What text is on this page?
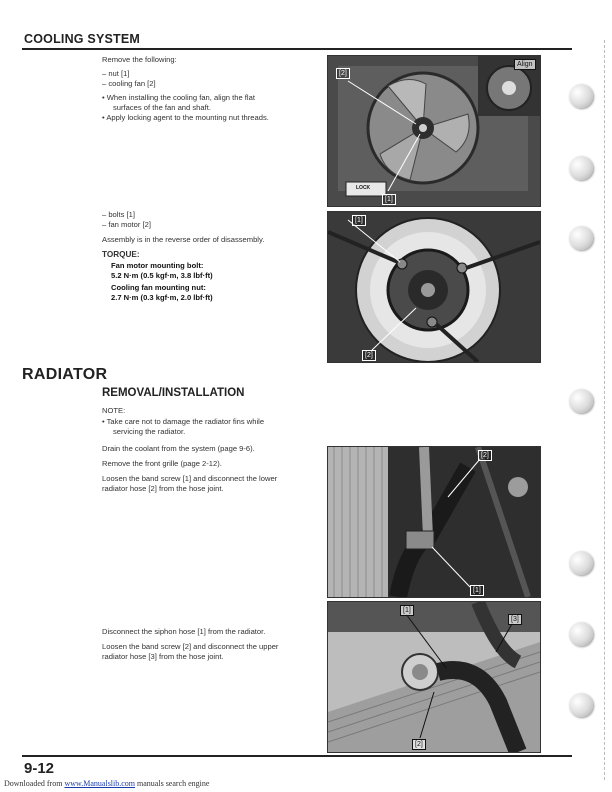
COOLING SYSTEM
Remove the following:
– nut [1]
– cooling fan [2]
• When installing the cooling fan, align the flat
surfaces of the fan and shaft.
• Apply locking agent to the mounting nut threads.
– bolts [1]
– fan motor [2]
Assembly is in the reverse order of disassembly.
TORQUE:
Fan motor mounting bolt:
5.2 N·m (0.5 kgf·m, 3.8 lbf·ft)
Cooling fan mounting nut:
2.7 N·m (0.3 kgf·m, 2.0 lbf·ft)
[2]
[1]
Align
LOCK
[1]
[2]
RADIATOR
REMOVAL/INSTALLATION
NOTE:
• Take care not to damage the radiator fins while
servicing the radiator.
Drain the coolant from the system (page 9-6).
Remove the front grille (page 2-12).
Loosen the band screw [1] and disconnect the lower
radiator hose [2] from the hose joint.
Disconnect the siphon hose [1] from the radiator.
Loosen the band screw [2] and disconnect the upper
radiator hose [3] from the hose joint.
[2]
[1]
[1]
[3]
[2]
9-12
Downloaded from www.Manualslib.com manuals search engine
